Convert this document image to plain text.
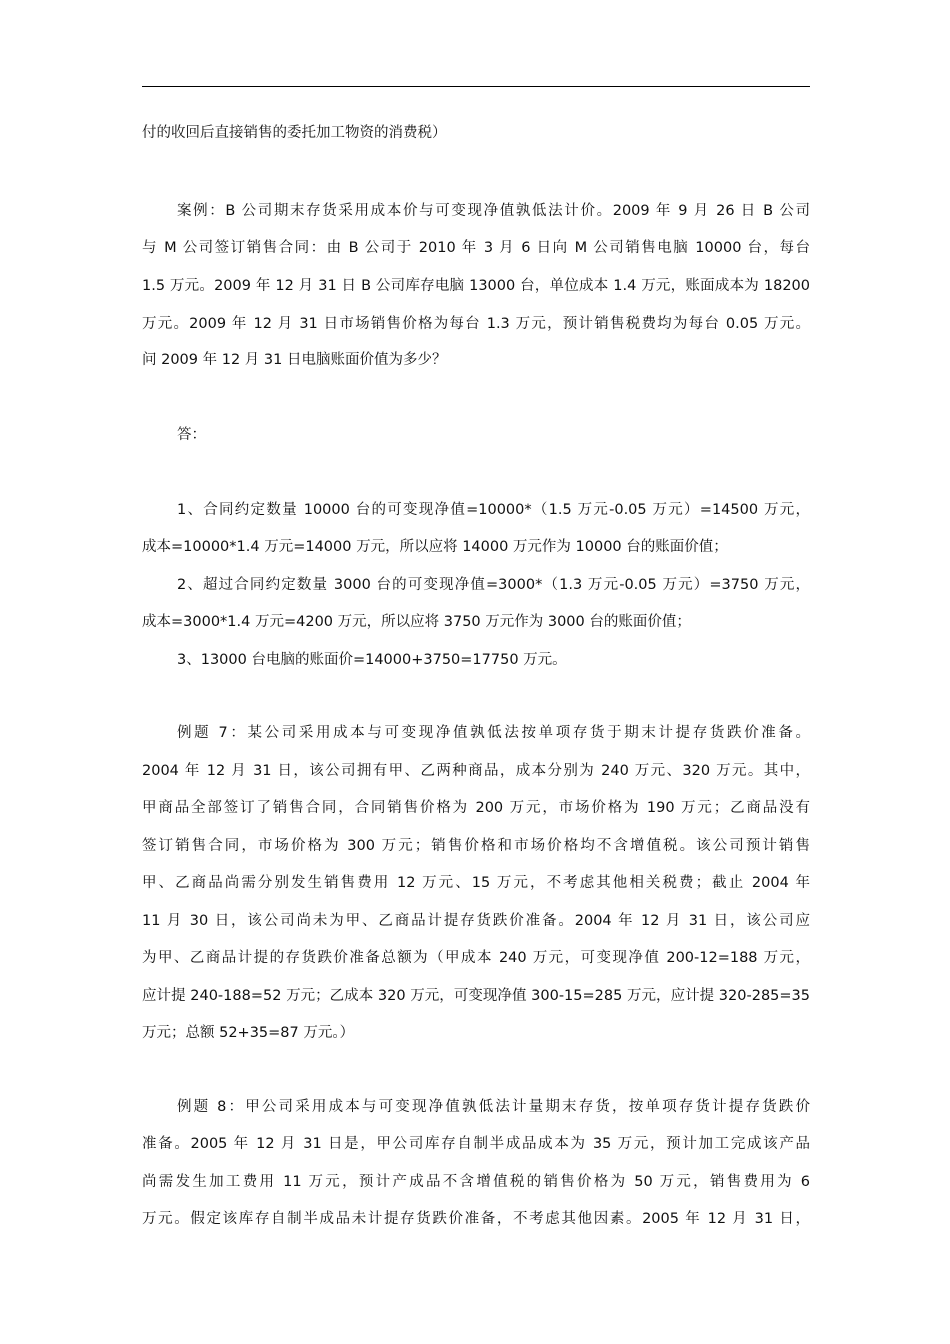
付的收回后直接销售的委托加工物资的消费税）
案例：B 公司期末存货采用成本价与可变现净值孰低法计价。2009 年 9 月 26 日 B 公司
与 M 公司签订销售合同：由 B 公司于 2010 年 3 月 6 日向 M 公司销售电脑 10000 台，每台
1.5 万元。2009 年 12 月 31 日 B 公司库存电脑 13000 台，单位成本 1.4 万元，账面成本为 18200
万元。2009 年 12 月 31 日市场销售价格为每台 1.3 万元，预计销售税费均为每台 0.05 万元。
问 2009 年 12 月 31 日电脑账面价值为多少？
答：
1、合同约定数量 10000 台的可变现净值=10000*（1.5 万元-0.05 万元）=14500 万元，
成本=10000*1.4 万元=14000 万元，所以应将 14000 万元作为 10000 台的账面价值；
2、超过合同约定数量 3000 台的可变现净值=3000*（1.3 万元-0.05 万元）=3750 万元，
成本=3000*1.4 万元=4200 万元，所以应将 3750 万元作为 3000 台的账面价值；
3、13000 台电脑的账面价=14000+3750=17750 万元。
例题 7：某公司采用成本与可变现净值孰低法按单项存货于期末计提存货跌价准备。
2004 年 12 月 31 日，该公司拥有甲、乙两种商品，成本分别为 240 万元、320 万元。其中，
甲商品全部签订了销售合同，合同销售价格为 200 万元，市场价格为 190 万元；乙商品没有
签订销售合同，市场价格为 300 万元；销售价格和市场价格均不含增值税。该公司预计销售
甲、乙商品尚需分别发生销售费用 12 万元、15 万元，不考虑其他相关税费；截止 2004 年
11 月 30 日，该公司尚未为甲、乙商品计提存货跌价准备。2004 年 12 月 31 日，该公司应
为甲、乙商品计提的存货跌价准备总额为（甲成本 240 万元，可变现净值 200-12=188 万元，
应计提 240-188=52 万元；乙成本 320 万元，可变现净值 300-15=285 万元，应计提 320-285=35
万元；总额 52+35=87 万元。）
例题 8：甲公司采用成本与可变现净值孰低法计量期末存货，按单项存货计提存货跌价
准备。2005 年 12 月 31 日是，甲公司库存自制半成品成本为 35 万元，预计加工完成该产品
尚需发生加工费用 11 万元，预计产成品不含增值税的销售价格为 50 万元，销售费用为 6
万元。假定该库存自制半成品未计提存货跌价准备，不考虑其他因素。2005 年 12 月 31 日，
